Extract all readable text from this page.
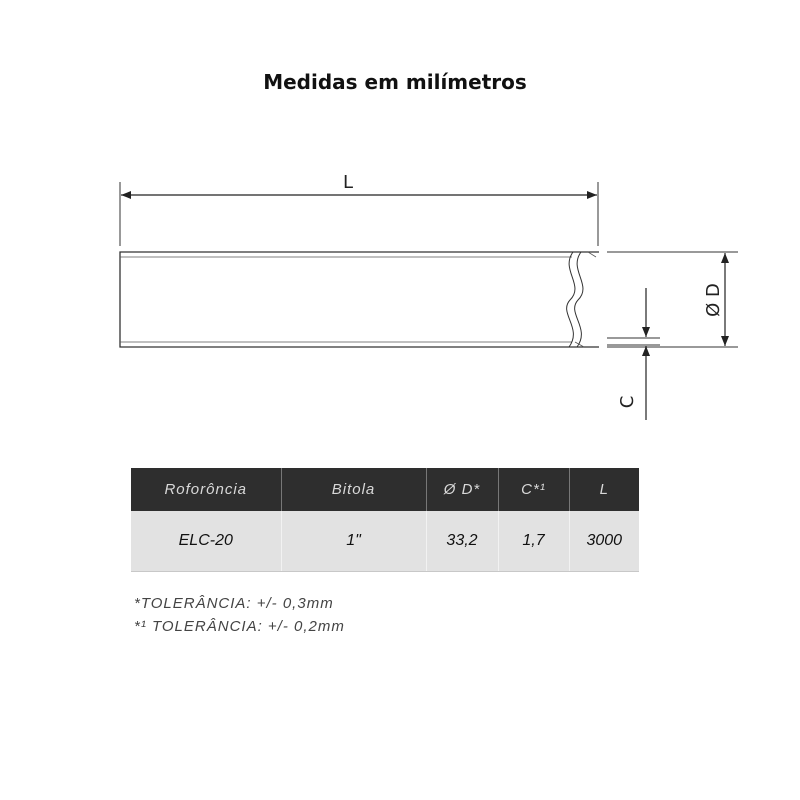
Medidas em milímetros
L
Ø D
C
Roforôncia	Bitola	Ø D*	C*¹	L
ELC-20	1"	33,2	1,7	3000
*TOLERÂNCIA: +/- 0,3mm
*¹ TOLERÂNCIA: +/- 0,2mm
